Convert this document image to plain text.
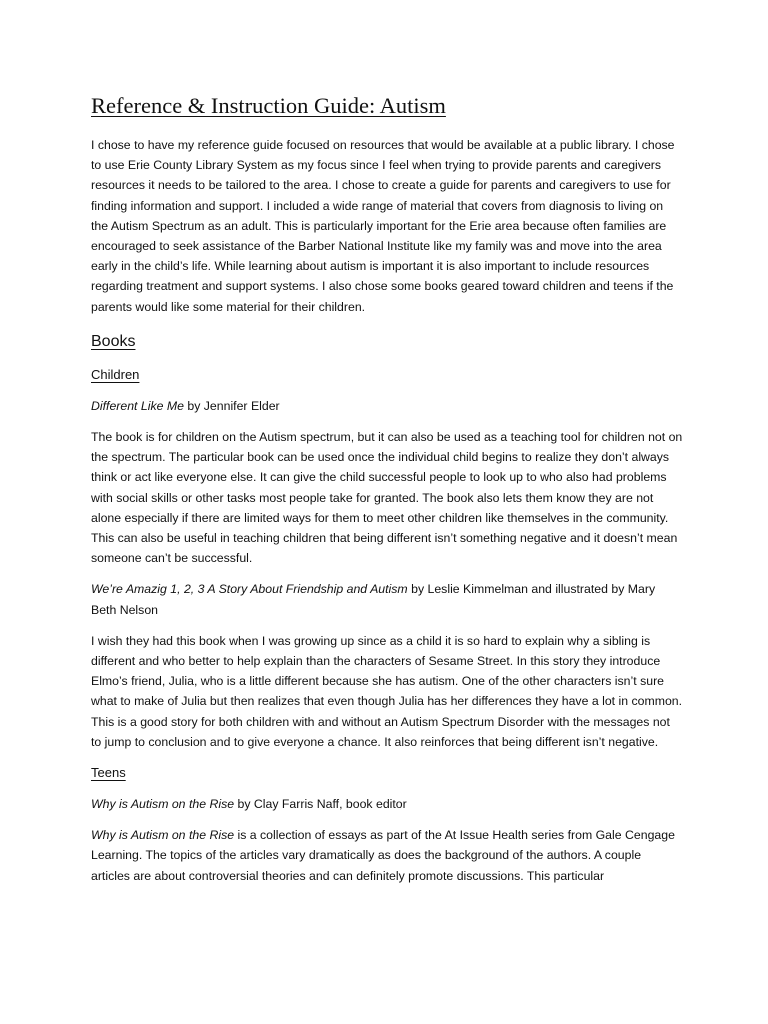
Reference & Instruction Guide: Autism

I chose to have my reference guide focused on resources that would be available at a public library. I chose to use Erie County Library System as my focus since I feel when trying to provide parents and caregivers resources it needs to be tailored to the area. I chose to create a guide for parents and caregivers to use for finding information and support. I included a wide range of material that covers from diagnosis to living on the Autism Spectrum as an adult. This is particularly important for the Erie area because often families are encouraged to seek assistance of the Barber National Institute like my family was and move into the area early in the child’s life. While learning about autism is important it is also important to include resources regarding treatment and support systems. I also chose some books geared toward children and teens if the parents would like some material for their children.

Books
Children

Different Like Me by Jennifer Elder

The book is for children on the Autism spectrum, but it can also be used as a teaching tool for children not on the spectrum. The particular book can be used once the individual child begins to realize they don’t always think or act like everyone else. It can give the child successful people to look up to who also had problems with social skills or other tasks most people take for granted. The book also lets them know they are not alone especially if there are limited ways for them to meet other children like themselves in the community. This can also be useful in teaching children that being different isn’t something negative and it doesn’t mean someone can’t be successful.

We’re Amazig 1, 2, 3 A Story About Friendship and Autism by Leslie Kimmelman and illustrated by Mary Beth Nelson

I wish they had this book when I was growing up since as a child it is so hard to explain why a sibling is different and who better to help explain than the characters of Sesame Street. In this story they introduce Elmo’s friend, Julia, who is a little different because she has autism. One of the other characters isn’t sure what to make of Julia but then realizes that even though Julia has her differences they have a lot in common. This is a good story for both children with and without an Autism Spectrum Disorder with the messages not to jump to conclusion and to give everyone a chance. It also reinforces that being different isn’t negative.

Teens

Why is Autism on the Rise by Clay Farris Naff, book editor

Why is Autism on the Rise is a collection of essays as part of the At Issue Health series from Gale Cengage Learning. The topics of the articles vary dramatically as does the background of the authors. A couple articles are about controversial theories and can definitely promote discussions. This particular
